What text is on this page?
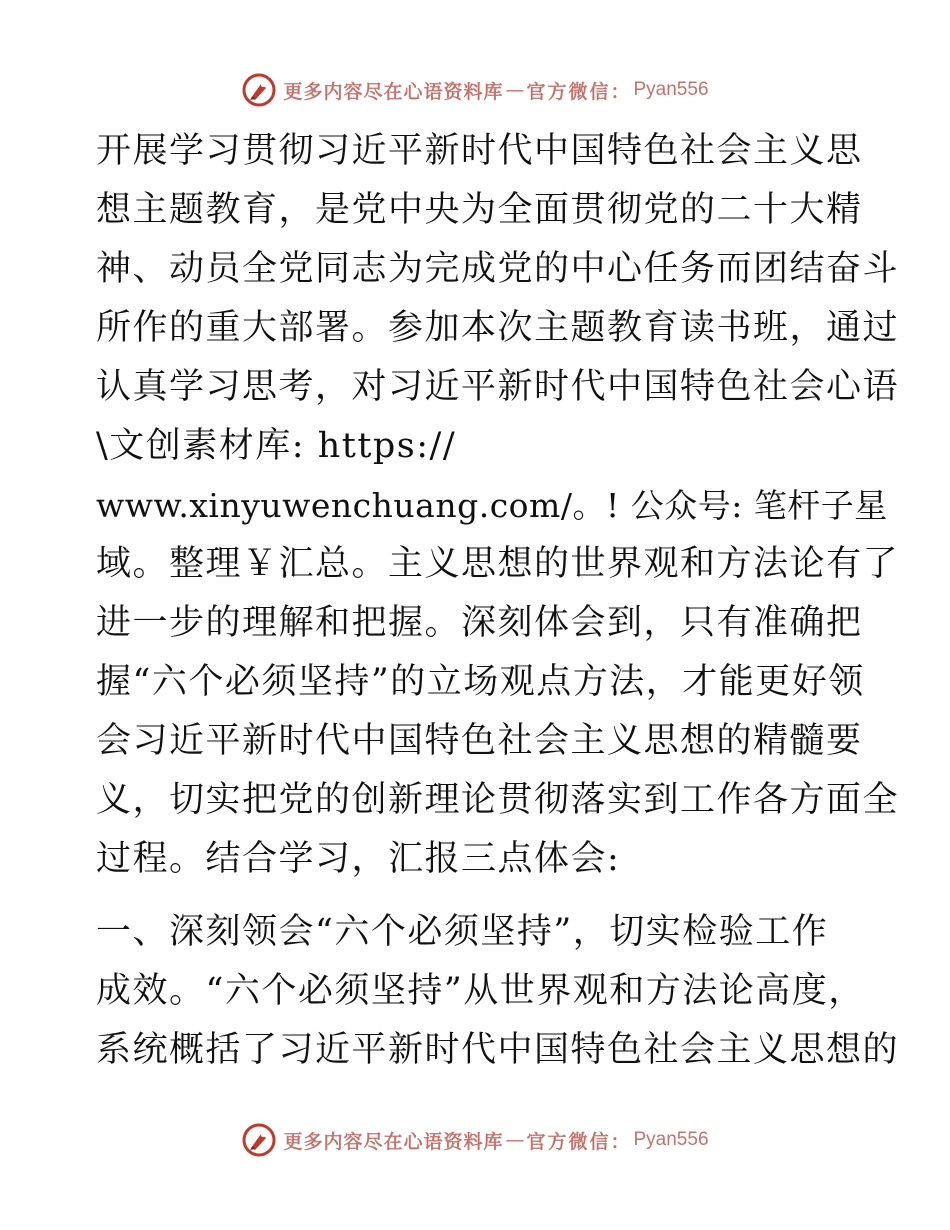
更多内容尽在心语资料库 — 官方微信： Pyan556
开展学习贯彻习近平新时代中国特色社会主义思
想主题教育，是党中央为全面贯彻党的二十大精
神、动员全党同志为完成党的中心任务而团结奋斗
所作的重大部署。参加本次主题教育读书班，通过
认真学习思考，对习近平新时代中国特色社会心语
\文创素材库: https://
www.xinyuwenchuang.com/。! 公众号: 笔杆子星
域。整理￥汇总。主义思想的世界观和方法论有了
进一步的理解和把握。深刻体会到，只有准确把
握“六个必须坚持”的立场观点方法，才能更好领
会习近平新时代中国特色社会主义思想的精髓要
义，切实把党的创新理论贯彻落实到工作各方面全
过程。结合学习，汇报三点体会:
一、深刻领会“六个必须坚持”，切实检验工作
成效。“六个必须坚持”从世界观和方法论高度，
系统概括了习近平新时代中国特色社会主义思想的
更多内容尽在心语资料库 — 官方微信： Pyan556
